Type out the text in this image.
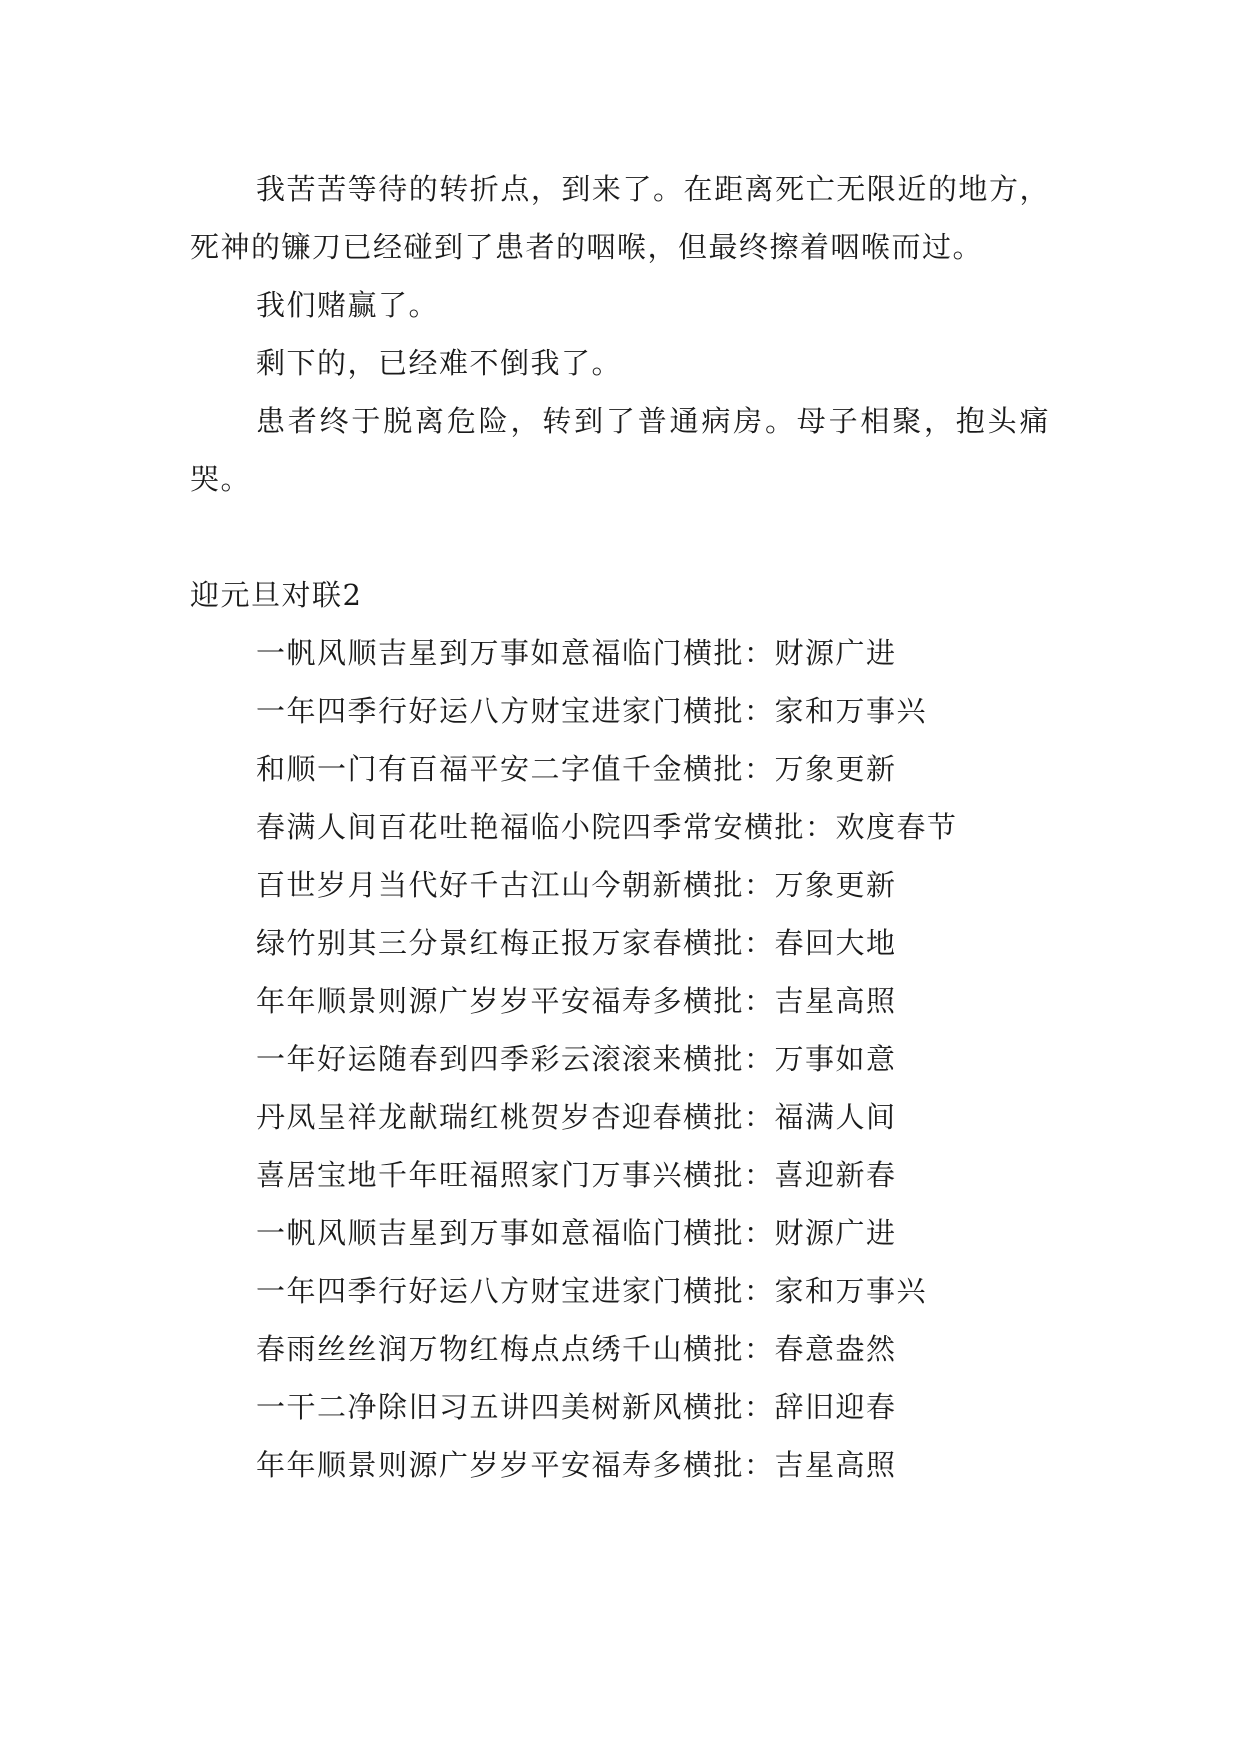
我苦苦等待的转折点，到来了。在距离死亡无限近的地方，死神的镰刀已经碰到了患者的咽喉，但最终擦着咽喉而过。

我们赌赢了。

剩下的，已经难不倒我了。

患者终于脱离危险，转到了普通病房。母子相聚，抱头痛哭。

迎元旦对联2
一帆风顺吉星到万事如意福临门横批：财源广进
一年四季行好运八方财宝进家门横批：家和万事兴
和顺一门有百福平安二字值千金横批：万象更新
春满人间百花吐艳福临小院四季常安横批：欢度春节
百世岁月当代好千古江山今朝新横批：万象更新
绿竹别其三分景红梅正报万家春横批：春回大地
年年顺景则源广岁岁平安福寿多横批：吉星高照
一年好运随春到四季彩云滚滚来横批：万事如意
丹凤呈祥龙献瑞红桃贺岁杏迎春横批：福满人间
喜居宝地千年旺福照家门万事兴横批：喜迎新春
一帆风顺吉星到万事如意福临门横批：财源广进
一年四季行好运八方财宝进家门横批：家和万事兴
春雨丝丝润万物红梅点点绣千山横批：春意盎然
一干二净除旧习五讲四美树新风横批：辞旧迎春
年年顺景则源广岁岁平安福寿多横批：吉星高照
